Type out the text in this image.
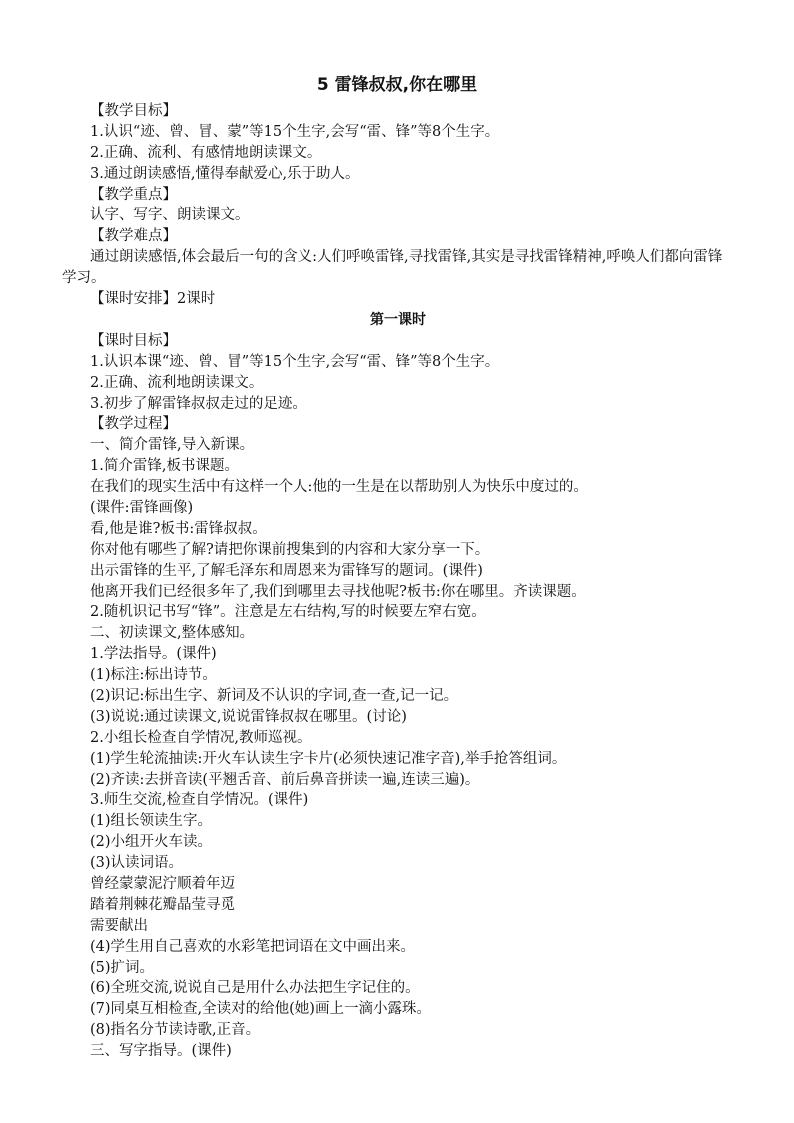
5 雷锋叔叔,你在哪里
【教学目标】
1.认识“迹、曾、冒、蒙”等15个生字,会写“雷、锋”等8个生字。
2.正确、流利、有感情地朗读课文。
3.通过朗读感悟,懂得奉献爱心,乐于助人。
【教学重点】
认字、写字、朗读课文。
【教学难点】
通过朗读感悟,体会最后一句的含义:人们呼唤雷锋,寻找雷锋,其实是寻找雷锋精神,呼唤人们都向雷锋学习。
【课时安排】2课时
第一课时
【课时目标】
1.认识本课“迹、曾、冒”等15个生字,会写“雷、锋”等8个生字。
2.正确、流利地朗读课文。
3.初步了解雷锋叔叔走过的足迹。
【教学过程】
一、简介雷锋,导入新课。
1.简介雷锋,板书课题。
在我们的现实生活中有这样一个人:他的一生是在以帮助别人为快乐中度过的。
(课件:雷锋画像)
看,他是谁?板书:雷锋叔叔。
你对他有哪些了解?请把你课前搜集到的内容和大家分享一下。
出示雷锋的生平,了解毛泽东和周恩来为雷锋写的题词。(课件)
他离开我们已经很多年了,我们到哪里去寻找他呢?板书:你在哪里。齐读课题。
2.随机识记书写“锋”。注意是左右结构,写的时候要左窄右宽。
二、初读课文,整体感知。
1.学法指导。(课件)
(1)标注:标出诗节。
(2)识记:标出生字、新词及不认识的字词,查一查,记一记。
(3)说说:通过读课文,说说雷锋叔叔在哪里。(讨论)
2.小组长检查自学情况,教师巡视。
(1)学生轮流抽读:开火车认读生字卡片(必须快速记准字音),举手抢答组词。
(2)齐读:去拼音读(平翘舌音、前后鼻音拼读一遍,连读三遍)。
3.师生交流,检查自学情况。(课件)
(1)组长领读生字。
(2)小组开火车读。
(3)认读词语。
曾经蒙蒙泥泞顺着年迈
踏着荆棘花瓣晶莹寻觅
需要献出
(4)学生用自己喜欢的水彩笔把词语在文中画出来。
(5)扩词。
(6)全班交流,说说自己是用什么办法把生字记住的。
(7)同桌互相检查,全读对的给他(她)画上一滴小露珠。
(8)指名分节读诗歌,正音。
三、写字指导。(课件)
